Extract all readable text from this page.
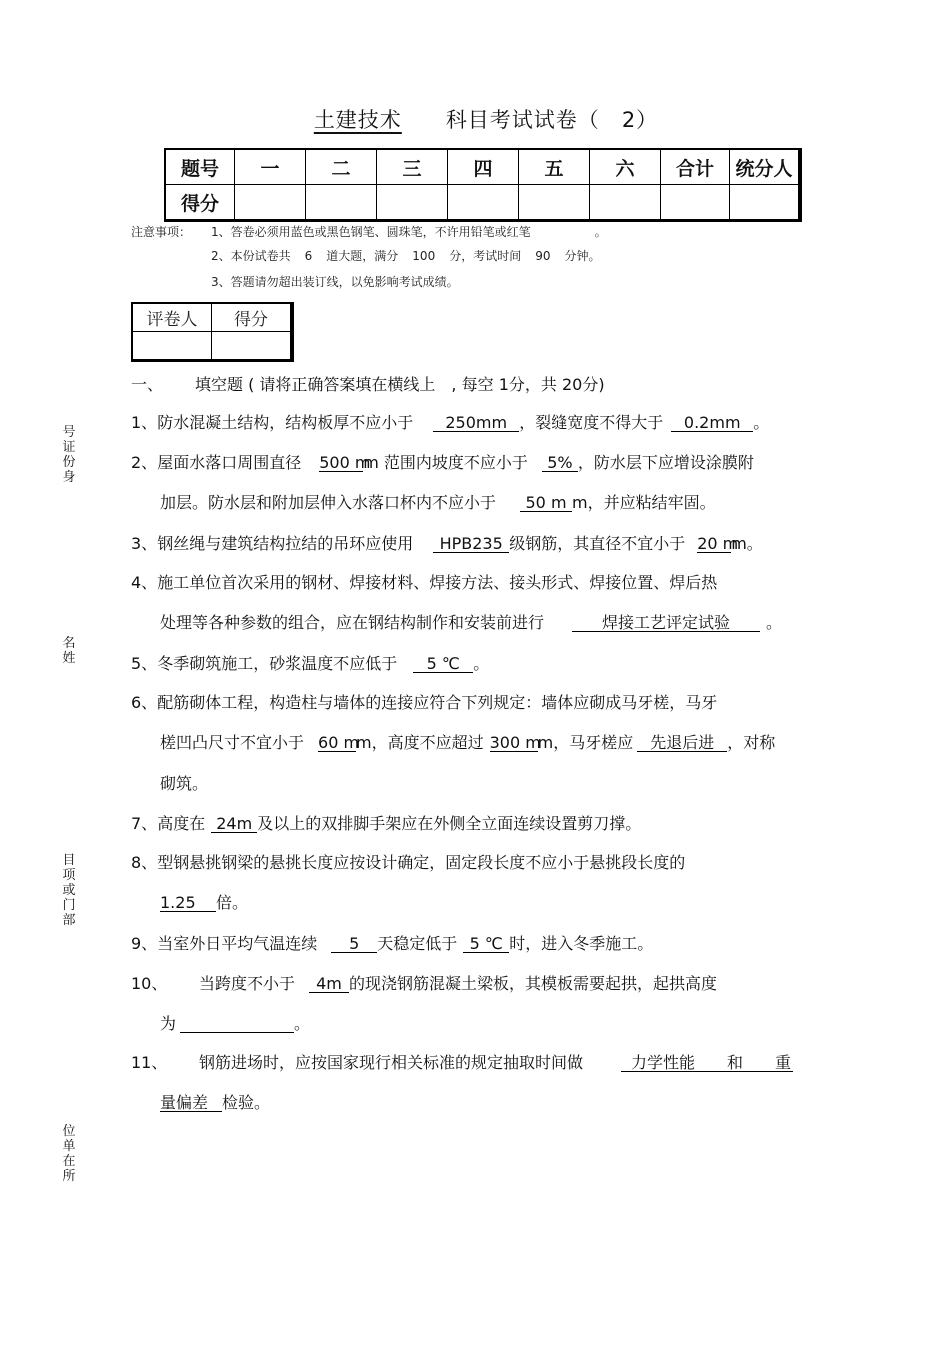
土建技术 科目考试试卷（ 2）
题号	一	二	三	四	五	六	合计	统分人
得分								
注意事项： 1、答卷必须用蓝色或黑色钢笔、圆珠笔，不许用铅笔或红笔	。
2、本份试卷共 6 道大题，满分 100 分，考试时间 90 分钟。
3、答题请勿超出装订线，以免影响考试成绩。
评卷人	得分

一、 填空题 ( 请将正确答案填在横线上　, 每空 1分，共 20分)
1、防水混凝土结构，结构板厚不应小于 250mm ，裂缝宽度不得大于 0.2mm 。
2、屋面水落口周围直径 500 mm 范围内坡度不应小于 5% ，防水层下应增设涂膜附
加层。防水层和附加层伸入水落口杯内不应小于 50 m m，并应粘结牢固。
3、钢丝绳与建筑结构拉结的吊环应使用 HPB235 级钢筋，其直径不宜小于 20 mm。
4、施工单位首次采用的钢材、焊接材料、焊接方法、接头形式、焊接位置、焊后热
处理等各种参数的组合，应在钢结构制作和安装前进行	焊接工艺评定试验 。
5、冬季砌筑施工，砂浆温度不应低于 5 ℃ 。
6、配筋砌体工程，构造柱与墙体的连接应符合下列规定：墙体应砌成马牙槎，马牙
槎凹凸尺寸不宜小于 60 mm，高度不应超过 300 mm，马牙槎应 先退后进 ，对称
砌筑。
7、高度在 24m 及以上的双排脚手架应在外侧全立面连续设置剪刀撑。
8、型钢悬挑钢梁的悬挑长度应按设计确定，固定段长度不应小于悬挑段长度的
1.25 倍。
9、当室外日平均气温连续 5 天稳定低于 5 ℃ 时，进入冬季施工。
10、 当跨度不小于 4m 的现浇钢筋混凝土梁板，其模板需要起拱，起拱高度
为	。
11、 钢筋进场时，应按国家现行相关标准的规定抽取时间做	力学性能　　和　　重
量偏差 检验。
号证份身
名姓
目项或门部
位单在所
